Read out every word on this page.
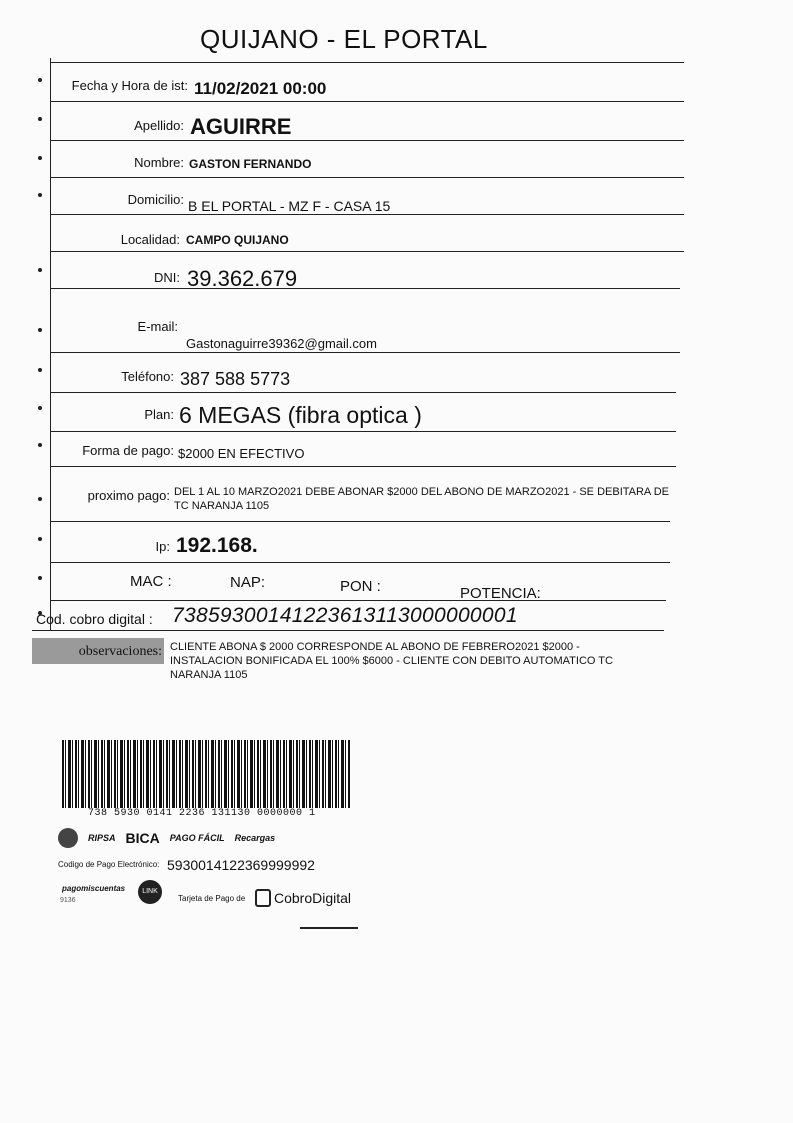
QUIJANO - EL PORTAL
Fecha y Hora de ist: 11/02/2021 00:00
Apellido: AGUIRRE
Nombre: GASTON FERNANDO
Domicilio: B EL PORTAL - MZ F - CASA 15
Localidad: CAMPO QUIJANO
DNI: 39.362.679
E-mail:
Gastonaguirre39362@gmail.com
Teléfono: 387 588 5773
Plan: 6 MEGAS (fibra optica )
Forma de pago: $2000 EN EFECTIVO
proximo pago: DEL 1 AL 10 MARZO2021 DEBE ABONAR $2000 DEL ABONO DE MARZO2021 - SE DEBITARA DE TC NARANJA 1105
Ip: 192.168.
MAC :	NAP:	PON :	POTENCIA:
Cod. cobro digital : 73859300141223613113000000001
observaciones: CLIENTE ABONA $ 2000 CORRESPONDE AL ABONO DE FEBRERO2021 $2000 - INSTALACION BONIFICADA EL 100% $6000 - CLIENTE CON DEBITO AUTOMATICO TC NARANJA 1105
738 5930 0141 2236 131130 0000000 1
RIPSA BICA PAGO FÁCIL Recargas
Codigo de Pago Electrónico: 5930014122369999992
pagomiscuentas
9136
LINK
Tarjeta de Pago de CobroDigital
